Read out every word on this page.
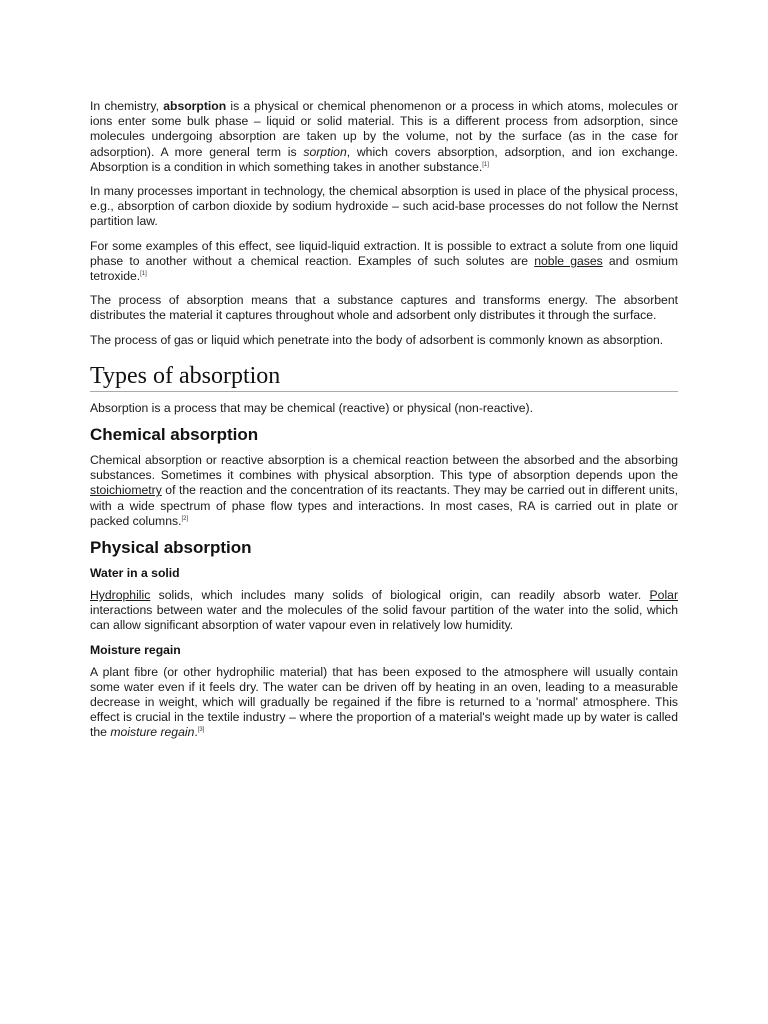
In chemistry, absorption is a physical or chemical phenomenon or a process in which atoms, molecules or ions enter some bulk phase – liquid or solid material. This is a different process from adsorption, since molecules undergoing absorption are taken up by the volume, not by the surface (as in the case for adsorption). A more general term is sorption, which covers absorption, adsorption, and ion exchange. Absorption is a condition in which something takes in another substance.[1]

In many processes important in technology, the chemical absorption is used in place of the physical process, e.g., absorption of carbon dioxide by sodium hydroxide – such acid-base processes do not follow the Nernst partition law.

For some examples of this effect, see liquid-liquid extraction. It is possible to extract a solute from one liquid phase to another without a chemical reaction. Examples of such solutes are noble gases and osmium tetroxide.[1]

The process of absorption means that a substance captures and transforms energy. The absorbent distributes the material it captures throughout whole and adsorbent only distributes it through the surface.

The process of gas or liquid which penetrate into the body of adsorbent is commonly known as absorption.

Types of absorption

Absorption is a process that may be chemical (reactive) or physical (non-reactive).

Chemical absorption

Chemical absorption or reactive absorption is a chemical reaction between the absorbed and the absorbing substances. Sometimes it combines with physical absorption. This type of absorption depends upon the stoichiometry of the reaction and the concentration of its reactants. They may be carried out in different units, with a wide spectrum of phase flow types and interactions. In most cases, RA is carried out in plate or packed columns.[2]

Physical absorption
Water in a solid

Hydrophilic solids, which includes many solids of biological origin, can readily absorb water. Polar interactions between water and the molecules of the solid favour partition of the water into the solid, which can allow significant absorption of water vapour even in relatively low humidity.

Moisture regain

A plant fibre (or other hydrophilic material) that has been exposed to the atmosphere will usually contain some water even if it feels dry. The water can be driven off by heating in an oven, leading to a measurable decrease in weight, which will gradually be regained if the fibre is returned to a 'normal' atmosphere. This effect is crucial in the textile industry – where the proportion of a material's weight made up by water is called the moisture regain.[3]
